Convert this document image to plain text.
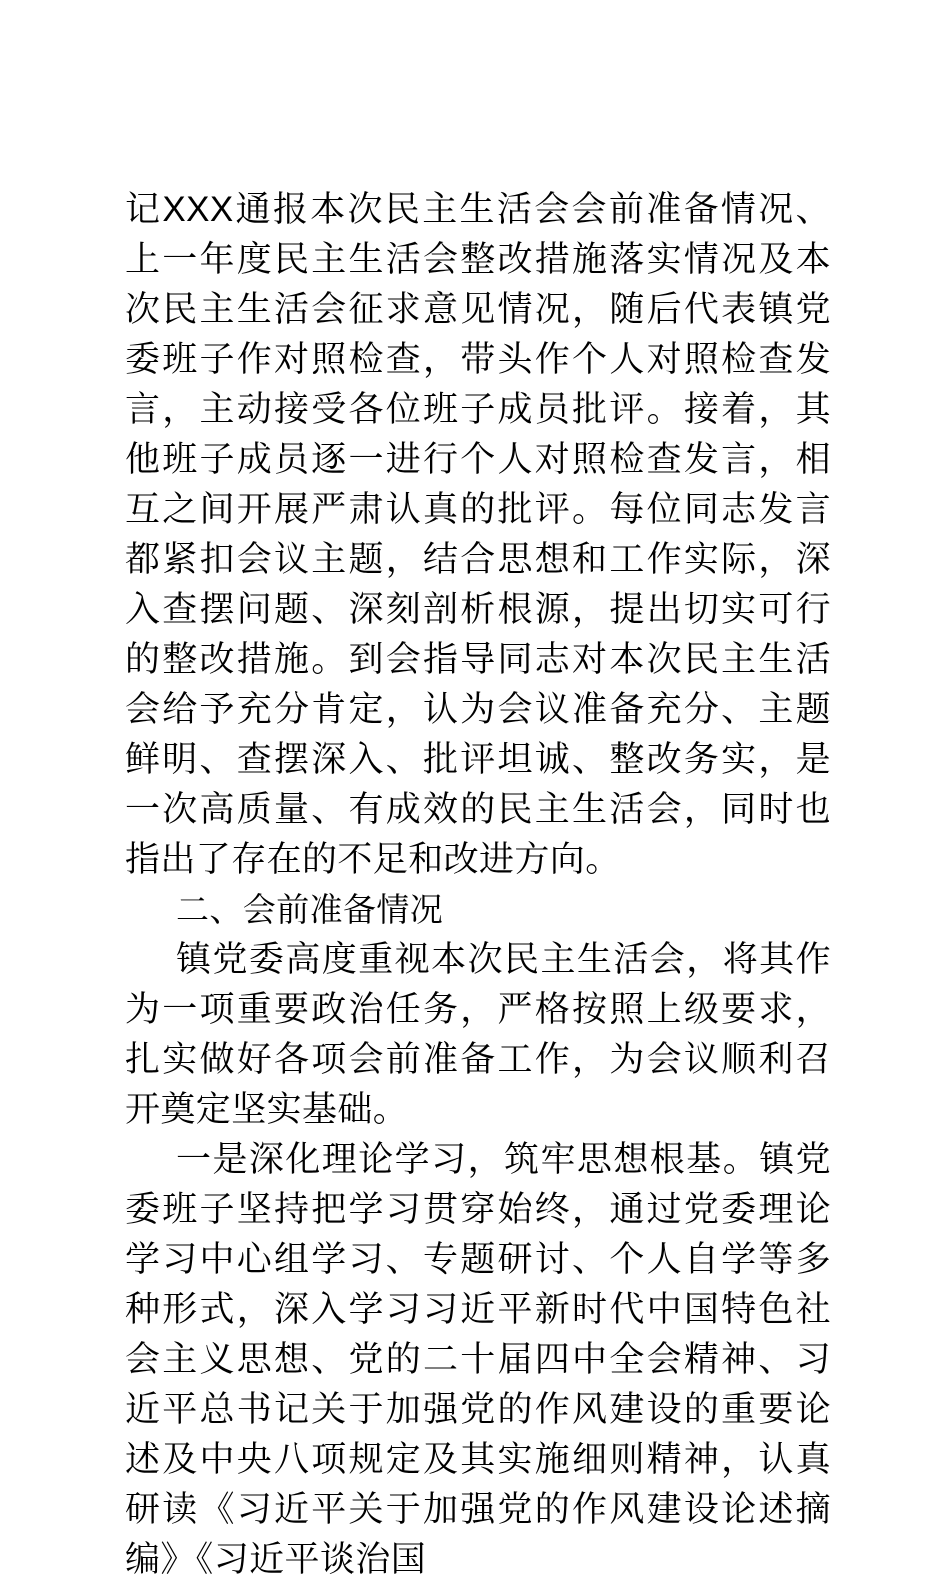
记XXX通报本次民主生活会会前准备情况、上一年度民主生活会整改措施落实情况及本次民主生活会征求意见情况，随后代表镇党委班子作对照检查，带头作个人对照检查发言，主动接受各位班子成员批评。接着，其他班子成员逐一进行个人对照检查发言，相互之间开展严肃认真的批评。每位同志发言都紧扣会议主题，结合思想和工作实际，深入查摆问题、深刻剖析根源，提出切实可行的整改措施。到会指导同志对本次民主生活会给予充分肯定，认为会议准备充分、主题鲜明、查摆深入、批评坦诚、整改务实，是一次高质量、有成效的民主生活会，同时也指出了存在的不足和改进方向。

二、会前准备情况

镇党委高度重视本次民主生活会，将其作为一项重要政治任务，严格按照上级要求，扎实做好各项会前准备工作，为会议顺利召开奠定坚实基础。

一是深化理论学习，筑牢思想根基。镇党委班子坚持把学习贯穿始终，通过党委理论学习中心组学习、专题研讨、个人自学等多种形式，深入学习习近平新时代中国特色社会主义思想、党的二十届四中全会精神、习近平总书记关于加强党的作风建设的重要论述及中央八项规定及其实施细则精神，认真研读《习近平关于加强党的作风建设论述摘编》《习近平谈治国
